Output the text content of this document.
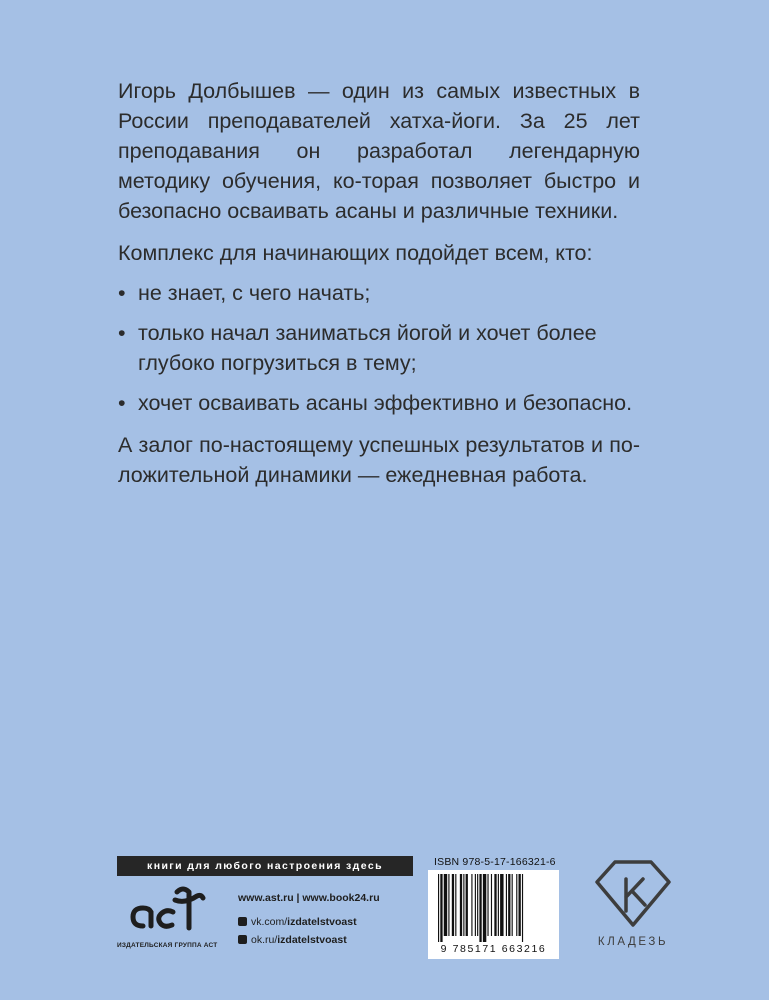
Игорь Долбышев — один из самых известных в России преподавателей хатха-йоги. За 25 лет преподавания он разработал легендарную методику обучения, ко-торая позволяет быстро и безопасно осваивать асаны и различные техники.

Комплекс для начинающих подойдет всем, кто:

• не знает, с чего начать;
• только начал заниматься йогой и хочет более глубоко погрузиться в тему;
• хочет осваивать асаны эффективно и безопасно.

А залог по-настоящему успешных результатов и по-ложительной динамики — ежедневная работа.

книги для любого настроения здесь
ИЗДАТЕЛЬСКАЯ ГРУППА АСТ
www.ast.ru | www.book24.ru
vk.com/izdatelstvoast
ok.ru/izdatelstvoast
ISBN 978-5-17-166321-6
9 785171 663216
КЛАДЕЗЬ
